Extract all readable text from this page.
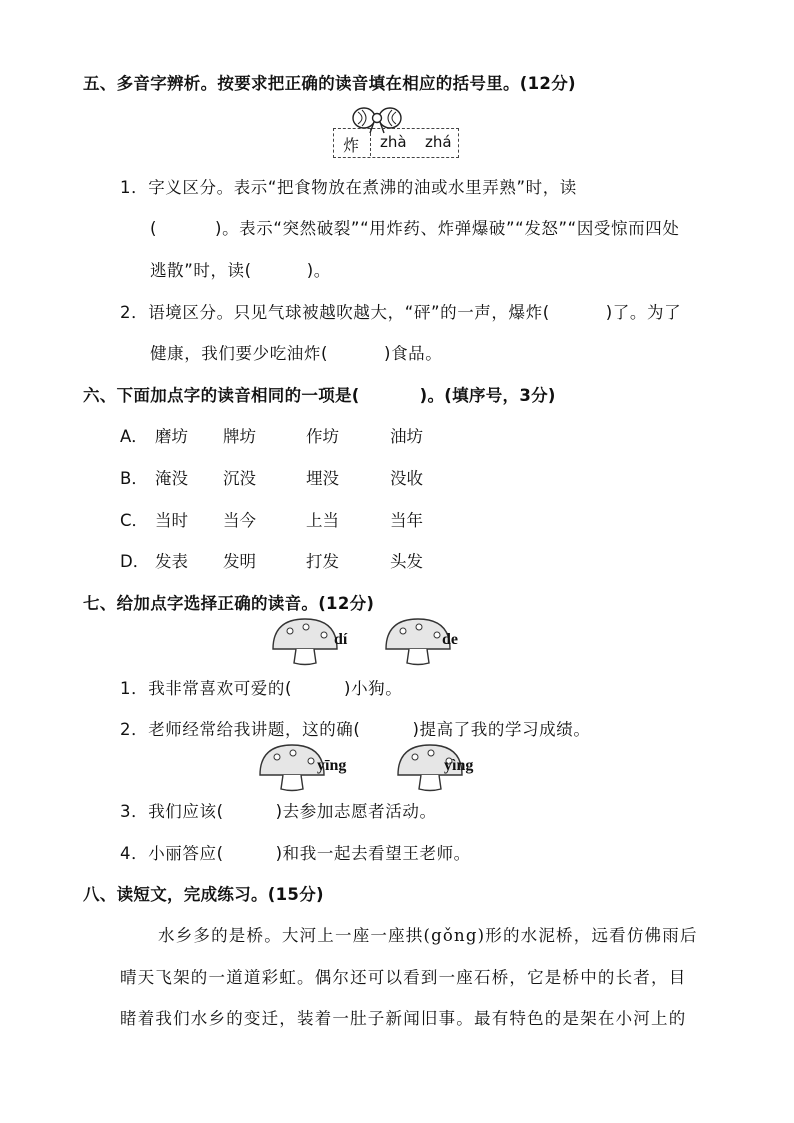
五、多音字辨析。按要求把正确的读音填在相应的括号里。(12分)
炸 zhà zhá
1．字义区分。表示“把食物放在煮沸的油或水里弄熟”时，读
(	)。表示“突然破裂”“用炸药、炸弹爆破”“发怒”“因受惊而四处
逃散”时，读(	)。
2．语境区分。只见气球被越吹越大，“砰”的一声，爆炸(	)了。为了
健康，我们要少吃油炸(	)食品。
六、下面加点字的读音相同的一项是(	)。(填序号，3分)
A． 磨坊 牌坊	作坊	油坊
B． 淹没 沉没	埋没	没收
C． 当时 当今	上当	当年
D． 发表 发明	打发	头发
七、给加点字选择正确的读音。(12分)
dí	de
1．我非常喜欢可爱的(	)小狗。
2．老师经常给我讲题，这的确(	)提高了我的学习成绩。
yīng	yìng
3．我们应该(	)去参加志愿者活动。
4．小丽答应(	)和我一起去看望王老师。
八、读短文，完成练习。(15分)
水乡多的是桥。大河上一座一座拱(gǒng)形的水泥桥，远看仿佛雨后
晴天飞架的一道道彩虹。偶尔还可以看到一座石桥，它是桥中的长者，目
睹着我们水乡的变迁，装着一肚子新闻旧事。最有特色的是架在小河上的
